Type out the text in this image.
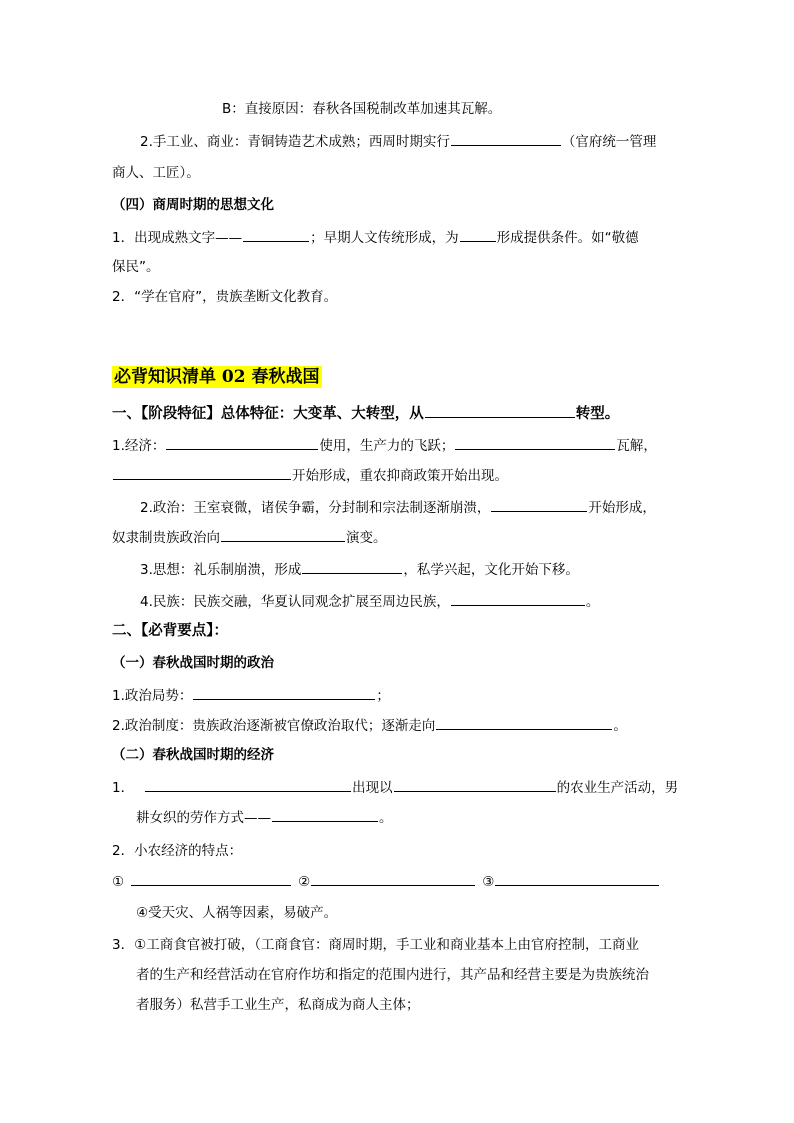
B：直接原因：春秋各国税制改革加速其瓦解。
2.手工业、商业：青铜铸造艺术成熟；西周时期实行	（官府统一管理
商人、工匠）。
（四）商周时期的思想文化
1．出现成熟文字——	；早期人文传统形成，为	形成提供条件。如“敬德
保民”。
2．“学在官府”，贵族垄断文化教育。
必背知识清单 02 春秋战国
一、【阶段特征】总体特征：大变革、大转型，从	转型。
1.经济：	使用，生产力的飞跃；	瓦解，
开始形成，重农抑商政策开始出现。
2.政治：王室衰微，诸侯争霸，分封制和宗法制逐渐崩溃，	开始形成，
奴隶制贵族政治向	演变。
3.思想：礼乐制崩溃，形成	，私学兴起，文化开始下移。
4.民族：民族交融，华夏认同观念扩展至周边民族，	。
二、【必背要点】：
（一）春秋战国时期的政治
1.政治局势：	；
2.政治制度：贵族政治逐渐被官僚政治取代；逐渐走向	。
（二）春秋战国时期的经济
1．	出现以	的农业生产活动，男
耕女织的劳作方式——	。
2．小农经济的特点：
①	②	③
④受天灾、人祸等因素，易破产。
3．①工商食官被打破，（工商食官：商周时期，手工业和商业基本上由官府控制，工商业
者的生产和经营活动在官府作坊和指定的范围内进行，其产品和经营主要是为贵族统治
者服务）私营手工业生产，私商成为商人主体；
